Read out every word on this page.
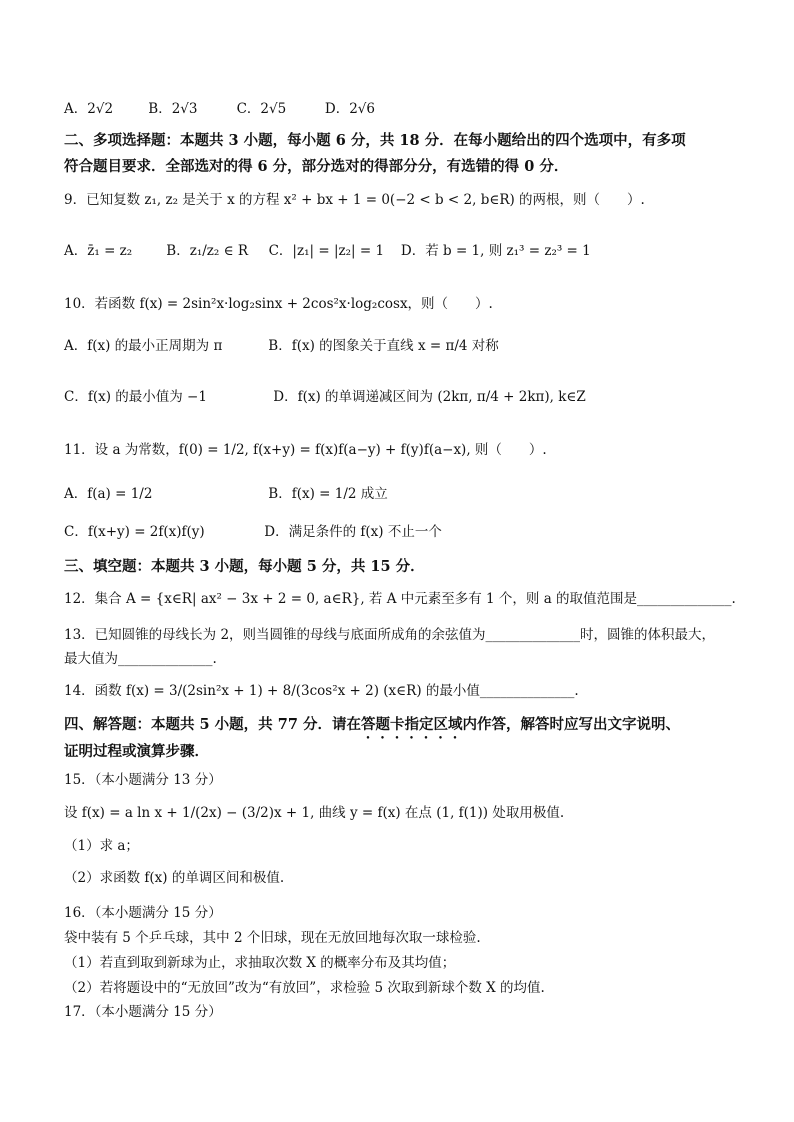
A．2√2	B．2√3	C．2√5	D．2√6
二、多项选择题：本题共 3 小题，每小题 6 分，共 18 分．在每小题给出的四个选项中，有多项
符合题目要求．全部选对的得 6 分，部分选对的得部分分，有选错的得 0 分．
9．已知复数 z₁, z₂ 是关于 x 的方程 x² + bx + 1 = 0(−2 < b < 2, b∈R) 的两根，则（　　）.
A．z̄₁ = z₂	B．z₁/z₂ ∈ R C．|z₁| = |z₂| = 1 D．若 b = 1, 则 z₁³ = z₂³ = 1
10．若函数 f(x) = 2sin²x·log₂sinx + 2cos²x·log₂cosx，则（　　）.
A．f(x) 的最小正周期为 π	B．f(x) 的图象关于直线 x = π/4 对称
C．f(x) 的最小值为 −1	D．f(x) 的单调递减区间为 (2kπ, π/4 + 2kπ), k∈Z
11．设 a 为常数，f(0) = 1/2, f(x+y) = f(x)f(a−y) + f(y)f(a−x), 则（　　）.
A．f(a) = 1/2	B．f(x) = 1/2 成立
C．f(x+y) = 2f(x)f(y)	D．满足条件的 f(x) 不止一个
三、填空题：本题共 3 小题，每小题 5 分，共 15 分．
12．集合 A = {x∈R| ax² − 3x + 2 = 0, a∈R}, 若 A 中元素至多有 1 个，则 a 的取值范围是______________.
13．已知圆锥的母线长为 2，则当圆锥的母线与底面所成角的余弦值为______________时，圆锥的体积最大，
最大值为______________.
14．函数 f(x) = 3/(2sin²x + 1) + 8/(3cos²x + 2) (x∈R) 的最小值______________.
四、解答题：本题共 5 小题，共 77 分．请在答题卡指定区域内作答，解答时应写出文字说明、
证明过程或演算步骤．
15．（本小题满分 13 分）
设 f(x) = a ln x + 1/(2x) − (3/2)x + 1, 曲线 y = f(x) 在点 (1, f(1)) 处取用极值.
（1）求 a；
（2）求函数 f(x) 的单调区间和极值.
16．（本小题满分 15 分）
袋中装有 5 个乒乓球，其中 2 个旧球，现在无放回地每次取一球检验.
（1）若直到取到新球为止，求抽取次数 X 的概率分布及其均值；
（2）若将题设中的“无放回”改为“有放回”，求检验 5 次取到新球个数 X 的均值.
17．（本小题满分 15 分）
